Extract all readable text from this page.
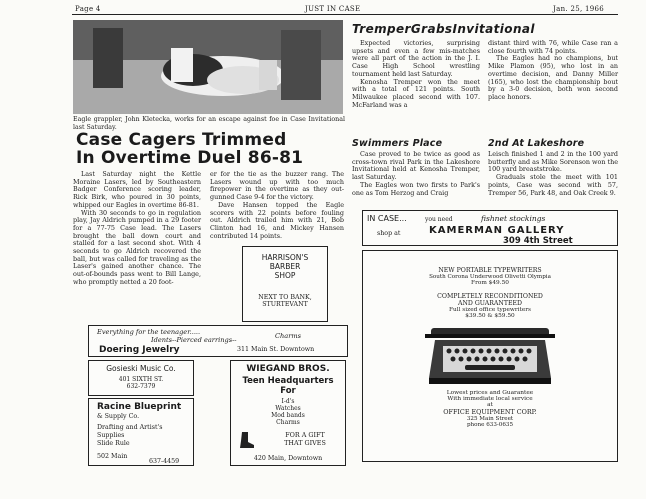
Page 4	JUST IN CASE	Jan. 25, 1966
Eagle grappler, John Kletecka, works for an escape against foe in Case Invitational last Saturday.
Case Cagers Trimmed
In Overtime Duel 86-81

Last Saturday night the Kettle Moraine Lasers, led by Southeastern Badger Conference scoring leader, Rick Birk, who poured in 30 points, whipped our Eagles in overtime 86-81.

With 30 seconds to go in regulation play, Jay Aldrich pumped in a 29 footer for a 77-75 Case lead. The Lasers brought the ball down court and stalled for a last second shot. With 4 seconds to go Aldrich recovered the ball, but was called for traveling as the Laser's gained another chance. The out-of-bounds pass went to Bill Lange, who promptly netted a 20 foot-

er for the tie as the buzzer rang. The Lasers wound up with too much firepower in the overtime as they out-gunned Case 9-4 for the victory.

Dave Hansen topped the Eagle scorers with 22 points before fouling out. Aldrich trailed him with 21, Bob Clinton had 16, and Mickey Hansen contributed 14 points.

HARRISON'S
BARBER
SHOP
NEXT TO BANK,
STURTEVANT
Everything for the teenager.....	Charms
Idents--Pierced earrings--
Doering Jewelry	311 Main St. Downtown
Gosieski Music Co.
401 SIXTH ST.
632-7379
Racine Blueprint
& Supply Co.
Drafting and Artist's
Supplies
Slide Rule
502 Main
637-4459
WIEGAND BROS.
Teen Headquarters
For
I-d's
Watches
Mod bands
Charms
FOR A GIFT
THAT GIVES
420 Main, Downtown
TremperGrabsInvitational

Expected victories, surprising upsets and even a few mis-matches were all part of the action in the J. I. Case High School wrestling tournament held last Saturday.

Kenosha Tremper won the meet with a total of 121 points. South Milwaukee placed second with 107. McFarland was a

distant third with 76, while Case ran a close fourth with 74 points.

The Eagles had no champions, but Mike Plamon (95), who lost in an overtime decision, and Danny Miller (165), who lost the championship bout by a 3-0 decision, both won second place honors.

Swimmers Place	2nd At Lakeshore

Case proved to be twice as good as cross-town rival Park in the Lakeshore Invitational held at Kenosha Tremper, last Saturday.

The Eagles won two firsts to Park's one as Tom Herzog and Craig

Leisch finished 1 and 2 in the 100 yard butterfly and as Mike Sorenson won the 100 yard breaststroke.

Graduals stole the meet with 101 points, Case was second with 57, Tremper 56, Park 48, and Oak Creek 9.

IN CASE...	you need	fishnet stockings
shop at	KAMERMAN GALLERY
309 4th Street
NEW PORTABLE TYPEWRITERS
South Corona Underwood Olivetti Olympia
From $49.50
COMPLETELY RECONDITIONED
AND GUARANTEED
Full sized office typewriters
$39.50 & $59.50
Lowest prices and Guarantee
With immediate local service
at
OFFICE EQUIPMENT CORP.
325 Main Street
phone 633-0635
